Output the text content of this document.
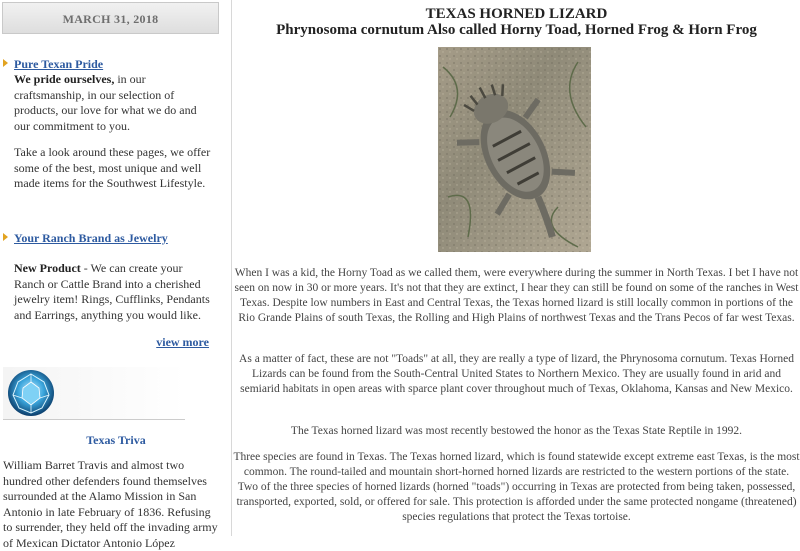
MARCH 31, 2018
Pure Texan Pride
We pride ourselves, in our craftsmanship, in our selection of products, our love for what we do and our commitment to you.
Take a look around these pages, we offer some of the best, most unique and well made items for the Southwest Lifestyle.
Your Ranch Brand as Jewelry
New Product - We can create your Ranch or Cattle Brand into a cherished jewelry item! Rings, Cufflinks, Pendants and Earrings, anything you would like.
view more
Texas Triva
William Barret Travis and almost two hundred other defenders found themselves surrounded at the Alamo Mission in San Antonio in late February of 1836. Refusing to surrender, they held off the invading army of Mexican Dictator Antonio López
TEXAS HORNED LIZARD
Phrynosoma cornutum Also called Horny Toad, Horned Frog & Horn Frog

When I was a kid, the Horny Toad as we called them, were everywhere during the summer in North Texas. I bet I have not seen on now in 30 or more years. It's not that they are extinct, I hear they can still be found on some of the ranches in West Texas. Despite low numbers in East and Central Texas, the Texas horned lizard is still locally common in portions of the Rio Grande Plains of south Texas, the Rolling and High Plains of northwest Texas and the Trans Pecos of far west Texas.

As a matter of fact, these are not "Toads" at all, they are really a type of lizard, the Phrynosoma cornutum. Texas Horned Lizards can be found from the South-Central United States to Northern Mexico. They are usually found in arid and semiarid habitats in open areas with sparce plant cover throughout much of Texas, Oklahoma, Kansas and New Mexico.

The Texas horned lizard was most recently bestowed the honor as the Texas State Reptile in 1992.

Three species are found in Texas. The Texas horned lizard, which is found statewide except extreme east Texas, is the most common. The round-tailed and mountain short-horned horned lizards are restricted to the western portions of the state. Two of the three species of horned lizards (horned "toads") occurring in Texas are protected from being taken, possessed, transported, exported, sold, or offered for sale. This protection is afforded under the same protected nongame (threatened) species regulations that protect the Texas tortoise.
